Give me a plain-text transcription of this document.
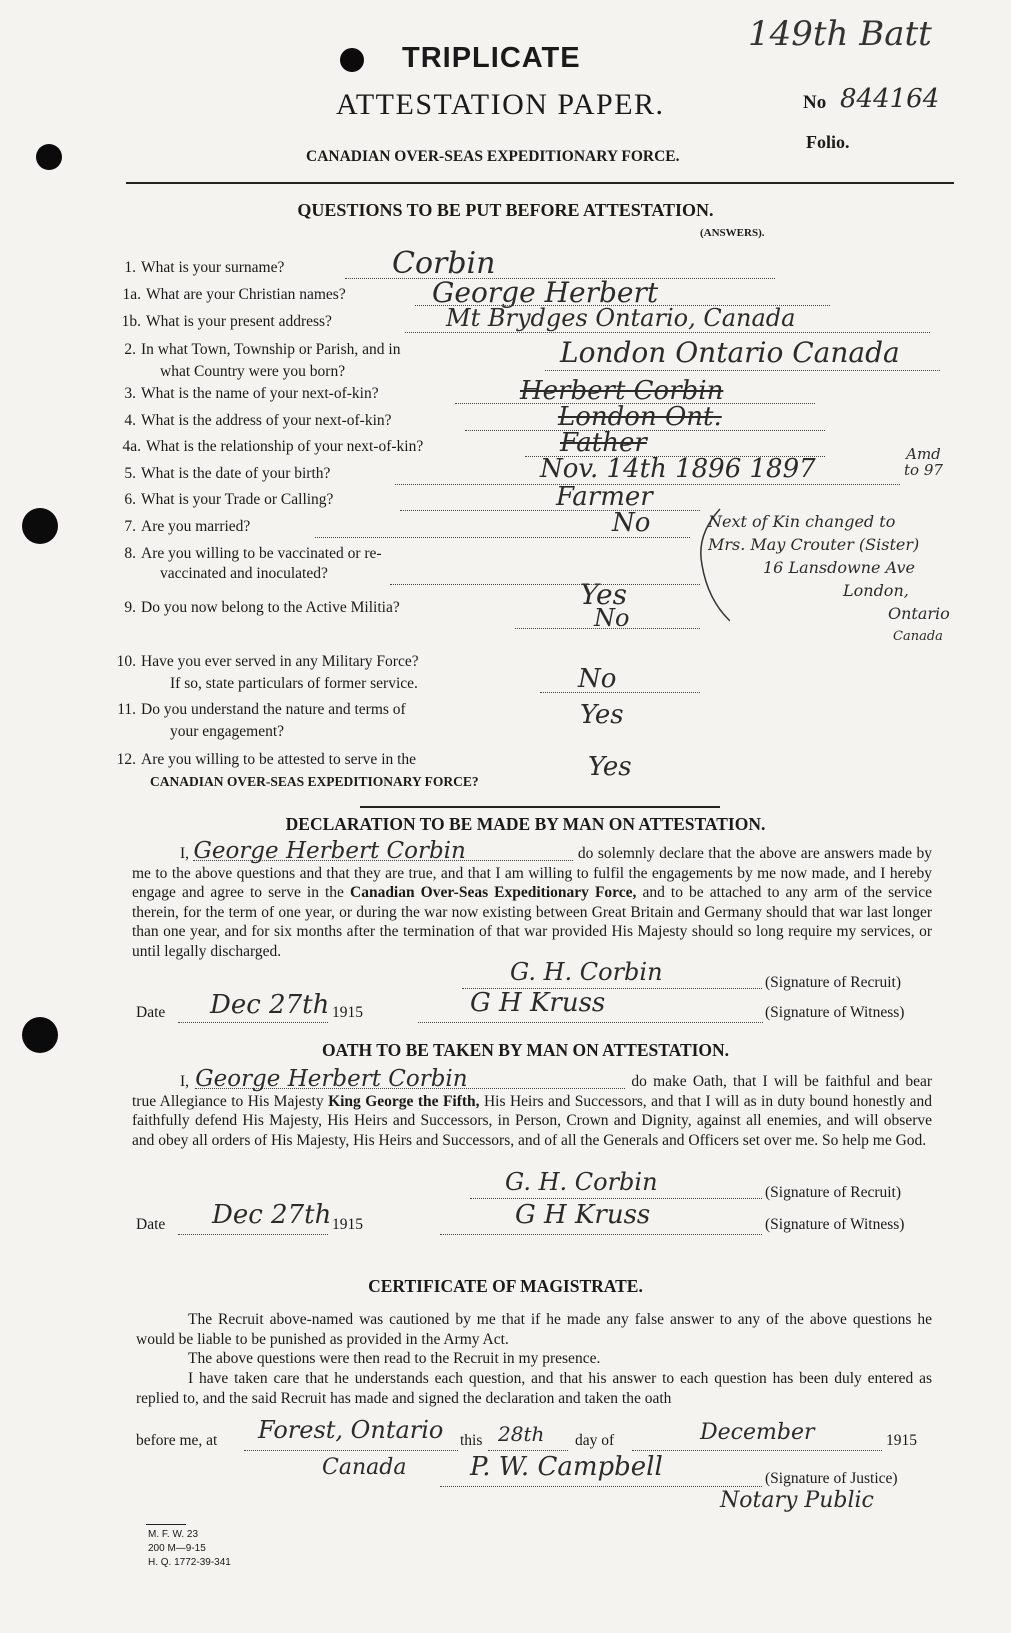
TRIPLICATE
ATTESTATION PAPER.
CANADIAN OVER-SEAS EXPEDITIONARY FORCE.
149th Batt
No 844164
Folio.
QUESTIONS TO BE PUT BEFORE ATTESTATION.
(ANSWERS).
1. What is your surname?	Corbin
1a. What are your Christian names?	George Herbert
1b. What is your present address?	Mt Brydges Ontario, Canada
2. In what Town, Township or Parish, and in
what Country were you born?
London Ontario Canada
3. What is the name of your next-of-kin?	Herbert Corbin
4. What is the address of your next-of-kin?	London Ont.
4a. What is the relationship of your next-of-kin?	Father
5. What is the date of your birth?	Nov. 14th 1896 1897	Amd
to 97
6. What is your Trade or Calling?	Farmer
7. Are you married?	No
8. Are you willing to be vaccinated or re-
vaccinated and inoculated?
Yes
9. Do you now belong to the Active Militia?	No
10. Have you ever served in any Military Force?
If so, state particulars of former service.	No
11. Do you understand the nature and terms of
your engagement?
Yes
12. Are you willing to be attested to serve in the
CANADIAN OVER-SEAS EXPEDITIONARY FORCE?	Yes
Next of Kin changed to
Mrs. May Crouter (Sister)
16 Lansdowne Ave
London,
Ontario
Canada
DECLARATION TO BE MADE BY MAN ON ATTESTATION.
I, George Herbert Corbin	do solemnly declare that the above are answers made by me to the above questions and that they are true, and that I am willing to fulfil the engagements by me now made, and I hereby engage and agree to serve in the Canadian Over-Seas Expeditionary Force, and to be attached to any arm of the service therein, for the term of one year, or during the war now existing between Great Britain and Germany should that war last longer than one year, and for six months after the termination of that war provided His Majesty should so long require my services, or until legally discharged.
G. H. Corbin	(Signature of Recruit)
Date Dec 27th 1915	G H Kruss	(Signature of Witness)
OATH TO BE TAKEN BY MAN ON ATTESTATION.
I, George Herbert Corbin	do make Oath, that I will be faithful and bear true Allegiance to His Majesty King George the Fifth, His Heirs and Successors, and that I will as in duty bound honestly and faithfully defend His Majesty, His Heirs and Successors, in Person, Crown and Dignity, against all enemies, and will observe and obey all orders of His Majesty, His Heirs and Successors, and of all the Generals and Officers set over me. So help me God.
G. H. Corbin	(Signature of Recruit)
Date Dec 27th 1915	G H Kruss	(Signature of Witness)
CERTIFICATE OF MAGISTRATE.
The Recruit above-named was cautioned by me that if he made any false answer to any of the above questions he would be liable to be punished as provided in the Army Act.
The above questions were then read to the Recruit in my presence.
I have taken care that he understands each question, and that his answer to each question has been duly entered as replied to, and the said Recruit has made and signed the declaration and taken the oath
before me, at Forest, Ontario this 28th day of	December	1915
Canada P. W. Campbell	(Signature of Justice)
Notary Public
M. F. W. 23
200 M—9-15
H. Q. 1772-39-341
